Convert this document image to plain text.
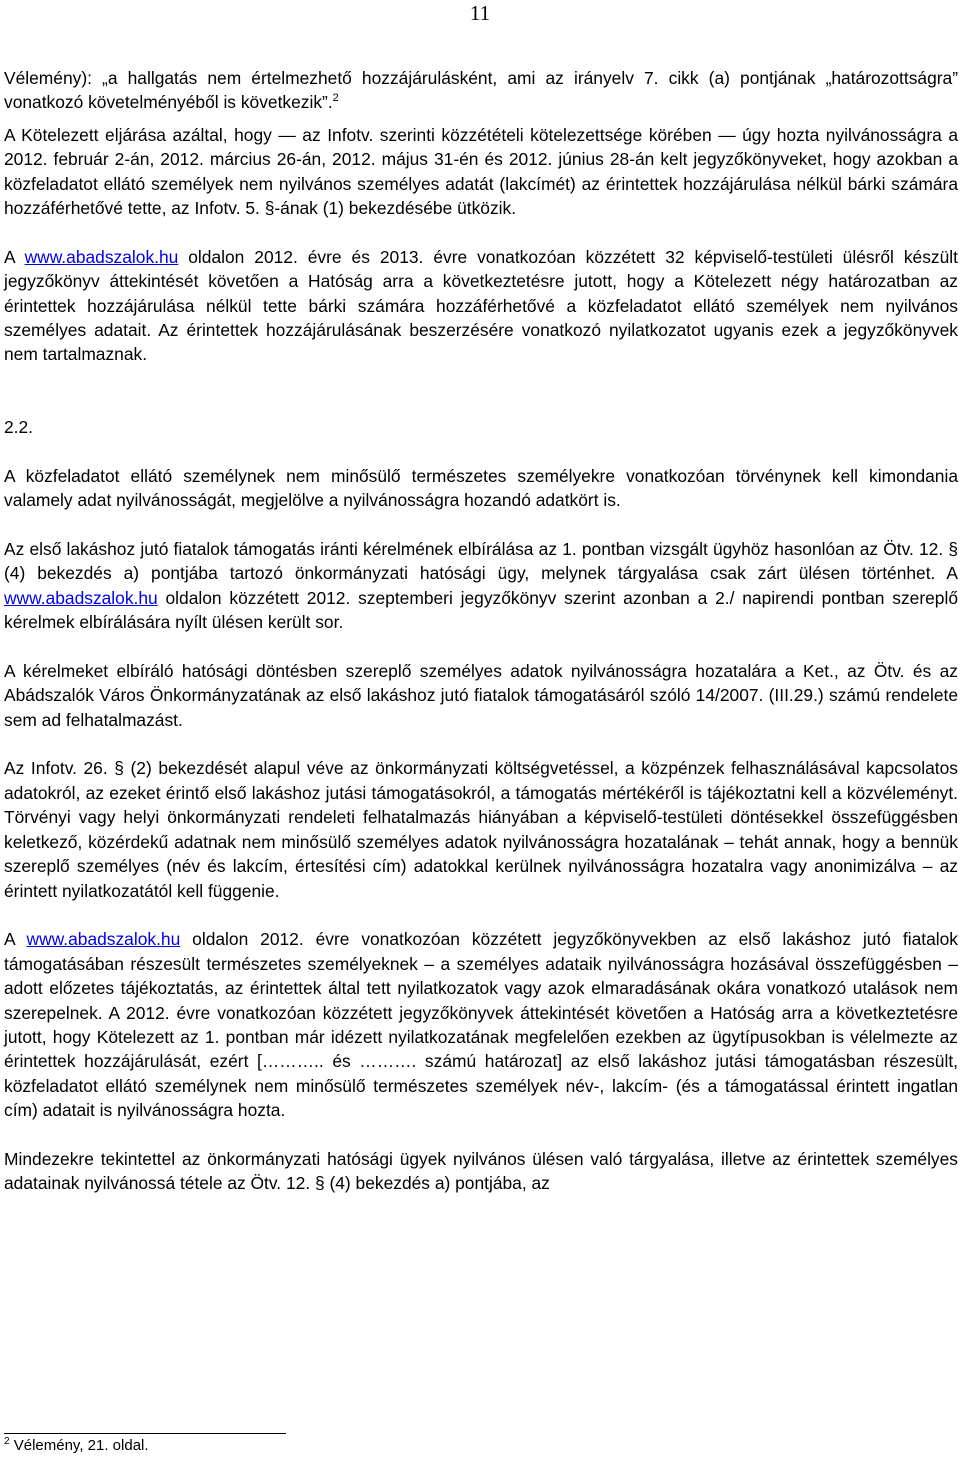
11

Vélemény): „a hallgatás nem értelmezhető hozzájárulásként, ami az irányelv 7. cikk (a) pontjának „határozottságra” vonatkozó követelményéből is következik”.$^2$

A Kötelezett eljárása azáltal, hogy ― az Infotv. szerinti közzétételi kötelezettsége körében ― úgy hozta nyilvánosságra a 2012. február 2-án, 2012. március 26-án, 2012. május 31-én és 2012. június 28-án kelt jegyzőkönyveket, hogy azokban a közfeladatot ellátó személyek nem nyilvános személyes adatát (lakcímét) az érintettek hozzájárulása nélkül bárki számára hozzáférhetővé tette, az Infotv. 5. §-ának (1) bekezdésébe ütközik.

A www.abadszalok.hu oldalon 2012. évre és 2013. évre vonatkozóan közzétett 32 képviselő-testületi ülésről készült jegyzőkönyv áttekintését követően a Hatóság arra a következtetésre jutott, hogy a Kötelezett négy határozatban az érintettek hozzájárulása nélkül tette bárki számára hozzáférhetővé a közfeladatot ellátó személyek nem nyilvános személyes adatait. Az érintettek hozzájárulásának beszerzésére vonatkozó nyilatkozatot ugyanis ezek a jegyzőkönyvek nem tartalmaznak.

2.2.

A közfeladatot ellátó személynek nem minősülő természetes személyekre vonatkozóan törvénynek kell kimondania valamely adat nyilvánosságát, megjelölve a nyilvánosságra hozandó adatkört is.

Az első lakáshoz jutó fiatalok támogatás iránti kérelmének elbírálása az 1. pontban vizsgált ügyhöz hasonlóan az Ötv. 12. § (4) bekezdés a) pontjába tartozó önkormányzati hatósági ügy, melynek tárgyalása csak zárt ülésen történhet. A www.abadszalok.hu oldalon közzétett 2012. szeptemberi jegyzőkönyv szerint azonban a 2./ napirendi pontban szereplő kérelmek elbírálására nyílt ülésen került sor.

A kérelmeket elbíráló hatósági döntésben szereplő személyes adatok nyilvánosságra hozatalára a Ket., az Ötv. és az Abádszalók Város Önkormányzatának az első lakáshoz jutó fiatalok támogatásáról szóló 14/2007. (III.29.) számú rendelete sem ad felhatalmazást.

Az Infotv. 26. § (2) bekezdését alapul véve az önkormányzati költségvetéssel, a közpénzek felhasználásával kapcsolatos adatokról, az ezeket érintő első lakáshoz jutási támogatásokról, a támogatás mértékéről is tájékoztatni kell a közvéleményt. Törvényi vagy helyi önkormányzati rendeleti felhatalmazás hiányában a képviselő-testületi döntésekkel összefüggésben keletkező, közérdekű adatnak nem minősülő személyes adatok nyilvánosságra hozatalának – tehát annak, hogy a bennük szereplő személyes (név és lakcím, értesítési cím) adatokkal kerülnek nyilvánosságra hozatalra vagy anonimizálva – az érintett nyilatkozatától kell függenie.

A www.abadszalok.hu oldalon 2012. évre vonatkozóan közzétett jegyzőkönyvekben az első lakáshoz jutó fiatalok támogatásában részesült természetes személyeknek – a személyes adataik nyilvánosságra hozásával összefüggésben – adott előzetes tájékoztatás, az érintettek által tett nyilatkozatok vagy azok elmaradásának okára vonatkozó utalások nem szerepelnek. A 2012. évre vonatkozóan közzétett jegyzőkönyvek áttekintését követően a Hatóság arra a következtetésre jutott, hogy Kötelezett az 1. pontban már idézett nyilatkozatának megfelelően ezekben az ügytípusokban is vélelmezte az érintettek hozzájárulását, ezért [……….. és ………. számú határozat] az első lakáshoz jutási támogatásban részesült, közfeladatot ellátó személynek nem minősülő természetes személyek név-, lakcím- (és a támogatással érintett ingatlan cím) adatait is nyilvánosságra hozta.

Mindezekre tekintettel az önkormányzati hatósági ügyek nyilvános ülésen való tárgyalása, illetve az érintettek személyes adatainak nyilvánossá tétele az Ötv. 12. § (4) bekezdés a) pontjába, az

$^2$ Vélemény, 21. oldal.
